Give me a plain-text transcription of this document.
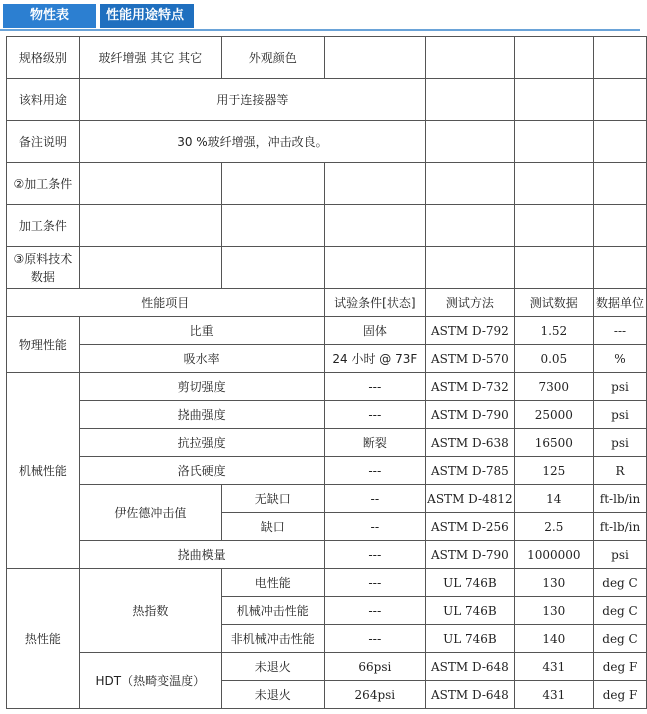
物性表	性能用途特点
规格级别	玻纤增强 其它 其它	外观颜色				
该料用途	用于连接器等					
备注说明	30 %玻纤增强，冲击改良。					
②加工条件						
加工条件						
③原料技术数据						
性能项目			试验条件[状态]	测试方法	测试数据	数据单位
物理性能	比重		固体	ASTM D-792	1.52	---
	吸水率		24 小时 @ 73F	ASTM D-570	0.05	%
机械性能	剪切强度		---	ASTM D-732	7300	psi
	挠曲强度		---	ASTM D-790	25000	psi
	抗拉强度		断裂	ASTM D-638	16500	psi
	洛氏硬度		---	ASTM D-785	125	R
	伊佐德冲击值	无缺口	--	ASTM D-4812	14	ft-lb/in
		缺口	--	ASTM D-256	2.5	ft-lb/in
	挠曲模量		---	ASTM D-790	1000000	psi
热性能	热指数	电性能	---	UL 746B	130	deg C
		机械冲击性能	---	UL 746B	130	deg C
		非机械冲击性能	---	UL 746B	140	deg C
	HDT（热畸变温度）	未退火	66psi	ASTM D-648	431	deg F
		未退火	264psi	ASTM D-648	431	deg F
